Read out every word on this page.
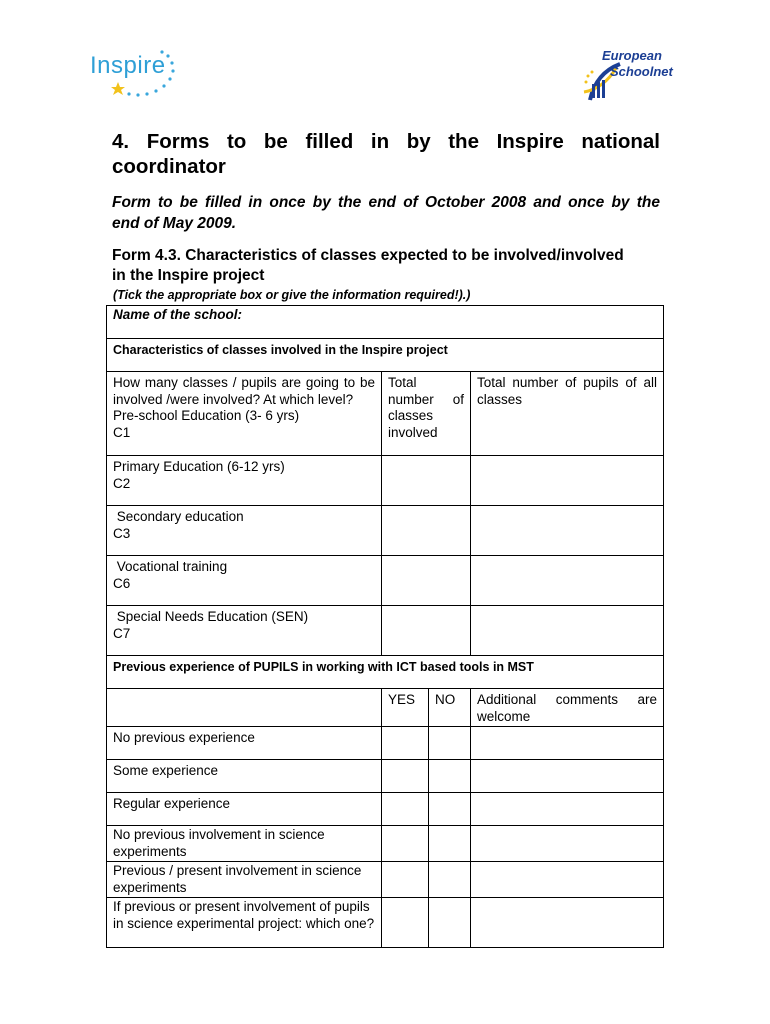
Inspire	European
Schoolnet
4. Forms to be filled in by the Inspire national
coordinator
Form to be filled in once by the end of October 2008 and once by the
end of May 2009.
Form 4.3. Characteristics of classes expected to be involved/involved
in the Inspire project
(Tick the appropriate box or give the information required!).)
Name of the school:			
Characteristics of classes involved in the Inspire project			

How many classes / pupils are going to be
involved /were involved? At which level?
Pre-school Education (3- 6 yrs)
C1	Total number of classes involved		Total number of pupils of all classes

Primary Education (6-12 yrs)
C2			

Secondary education
C3			

Vocational training
C6			

Special Needs Education (SEN)
C7			

Previous experience of PUPILS in working with ICT based tools in MST			
	YES	NO	Additional comments are welcome
No previous experience			
Some experience			
Regular experience			
No previous involvement in science experiments			
Previous / present involvement in science experiments			
If previous or present involvement of pupils in science experimental project: which one?			
